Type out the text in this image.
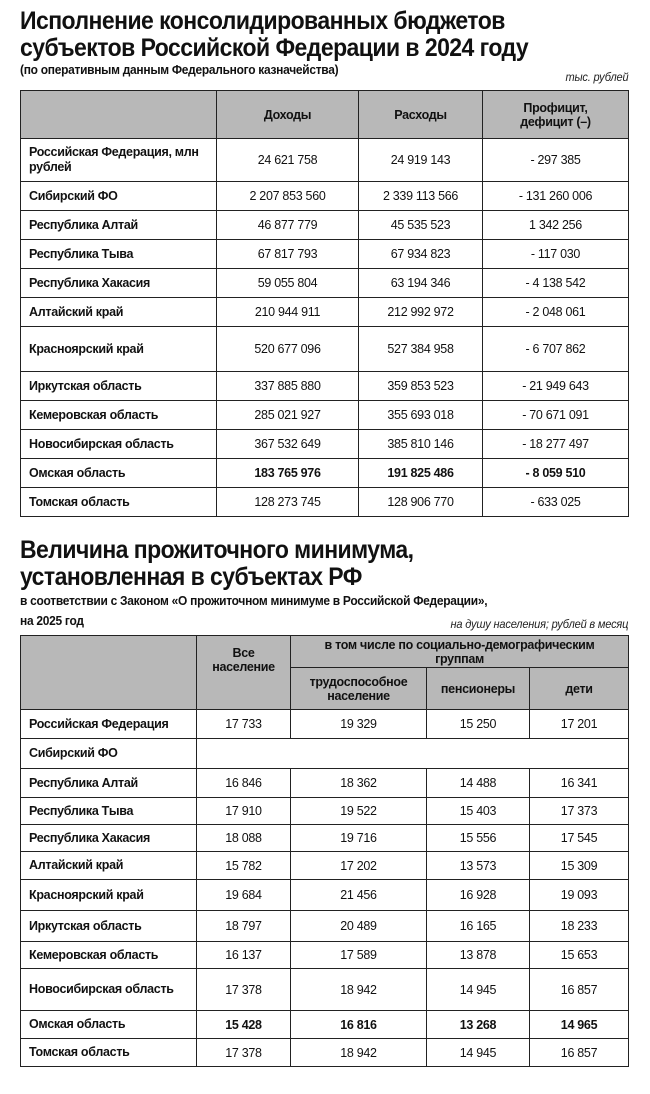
Исполнение консолидированных бюджетов
субъектов Российской Федерации в 2024 году
(по оперативным данным Федерального казначейства)	тыс. рублей
	Доходы	Расходы	Профицит, дефицит (–)
Российская Федерация, млн рублей	24 621 758	24 919 143	- 297 385
Сибирский ФО	2 207 853 560	2 339 113 566	- 131 260 006
Республика Алтай	46 877 779	45 535 523	1 342 256
Республика Тыва	67 817 793	67 934 823	- 117 030
Республика Хакасия	59 055 804	63 194 346	- 4 138 542
Алтайский край	210 944 911	212 992 972	- 2 048 061
Красноярский край	520 677 096	527 384 958	- 6 707 862
Иркутская область	337 885 880	359 853 523	- 21 949 643
Кемеровская область	285 021 927	355 693 018	- 70 671 091
Новосибирская область	367 532 649	385 810 146	- 18 277 497
Омская область	183 765 976	191 825 486	- 8 059 510
Томская область	128 273 745	128 906 770	- 633 025
Величина прожиточного минимума,
установленная в субъектах РФ
в соответствии с Законом «О прожиточном минимуме в Российской Федерации»,
на 2025 год	на душу населения; рублей в месяц
	Все население	в том числе по социально-демографическим группам		
		трудоспособное население	пенсионеры	дети
Российская Федерация	17 733	19 329	15 250	17 201
Сибирский ФО				
Республика Алтай	16 846	18 362	14 488	16 341
Республика Тыва	17 910	19 522	15 403	17 373
Республика Хакасия	18 088	19 716	15 556	17 545
Алтайский край	15 782	17 202	13 573	15 309
Красноярский край	19 684	21 456	16 928	19 093
Иркутская область	18 797	20 489	16 165	18 233
Кемеровская область	16 137	17 589	13 878	15 653
Новосибирская область	17 378	18 942	14 945	16 857
Омская область	15 428	16 816	13 268	14 965
Томская область	17 378	18 942	14 945	16 857
